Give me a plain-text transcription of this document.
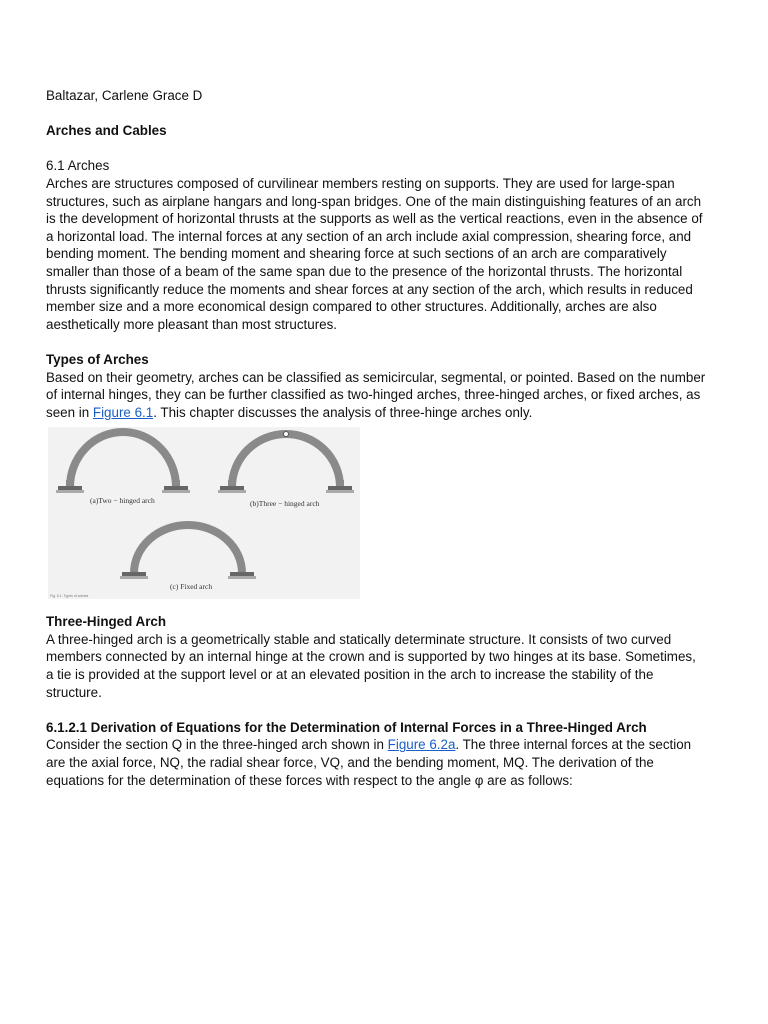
Baltazar, Carlene Grace D

Arches and Cables

6.1 Arches

Arches are structures composed of curvilinear members resting on supports. They are used for large-span structures, such as airplane hangars and long-span bridges. One of the main distinguishing features of an arch is the development of horizontal thrusts at the supports as well as the vertical reactions, even in the absence of a horizontal load. The internal forces at any section of an arch include axial compression, shearing force, and bending moment. The bending moment and shearing force at such sections of an arch are comparatively smaller than those of a beam of the same span due to the presence of the horizontal thrusts. The horizontal thrusts significantly reduce the moments and shear forces at any section of the arch, which results in reduced member size and a more economical design compared to other structures. Additionally, arches are also aesthetically more pleasant than most structures.

Types of Arches

Based on their geometry, arches can be classified as semicircular, segmental, or pointed. Based on the number of internal hinges, they can be further classified as two-hinged arches, three-hinged arches, or fixed arches, as seen in Figure 6.1. This chapter discusses the analysis of three-hinge arches only.

(a)Two − hinged arch	(b)Three − hinged arch
(c) Fixed arch
Fig. 6.1. Types of arches

Three-Hinged Arch

A three-hinged arch is a geometrically stable and statically determinate structure. It consists of two curved members connected by an internal hinge at the crown and is supported by two hinges at its base. Sometimes, a tie is provided at the support level or at an elevated position in the arch to increase the stability of the structure.

6.1.2.1 Derivation of Equations for the Determination of Internal Forces in a Three-Hinged Arch

Consider the section Q in the three-hinged arch shown in Figure 6.2a. The three internal forces at the section are the axial force, NQ, the radial shear force, VQ, and the bending moment, MQ. The derivation of the equations for the determination of these forces with respect to the angle φ are as follows:
